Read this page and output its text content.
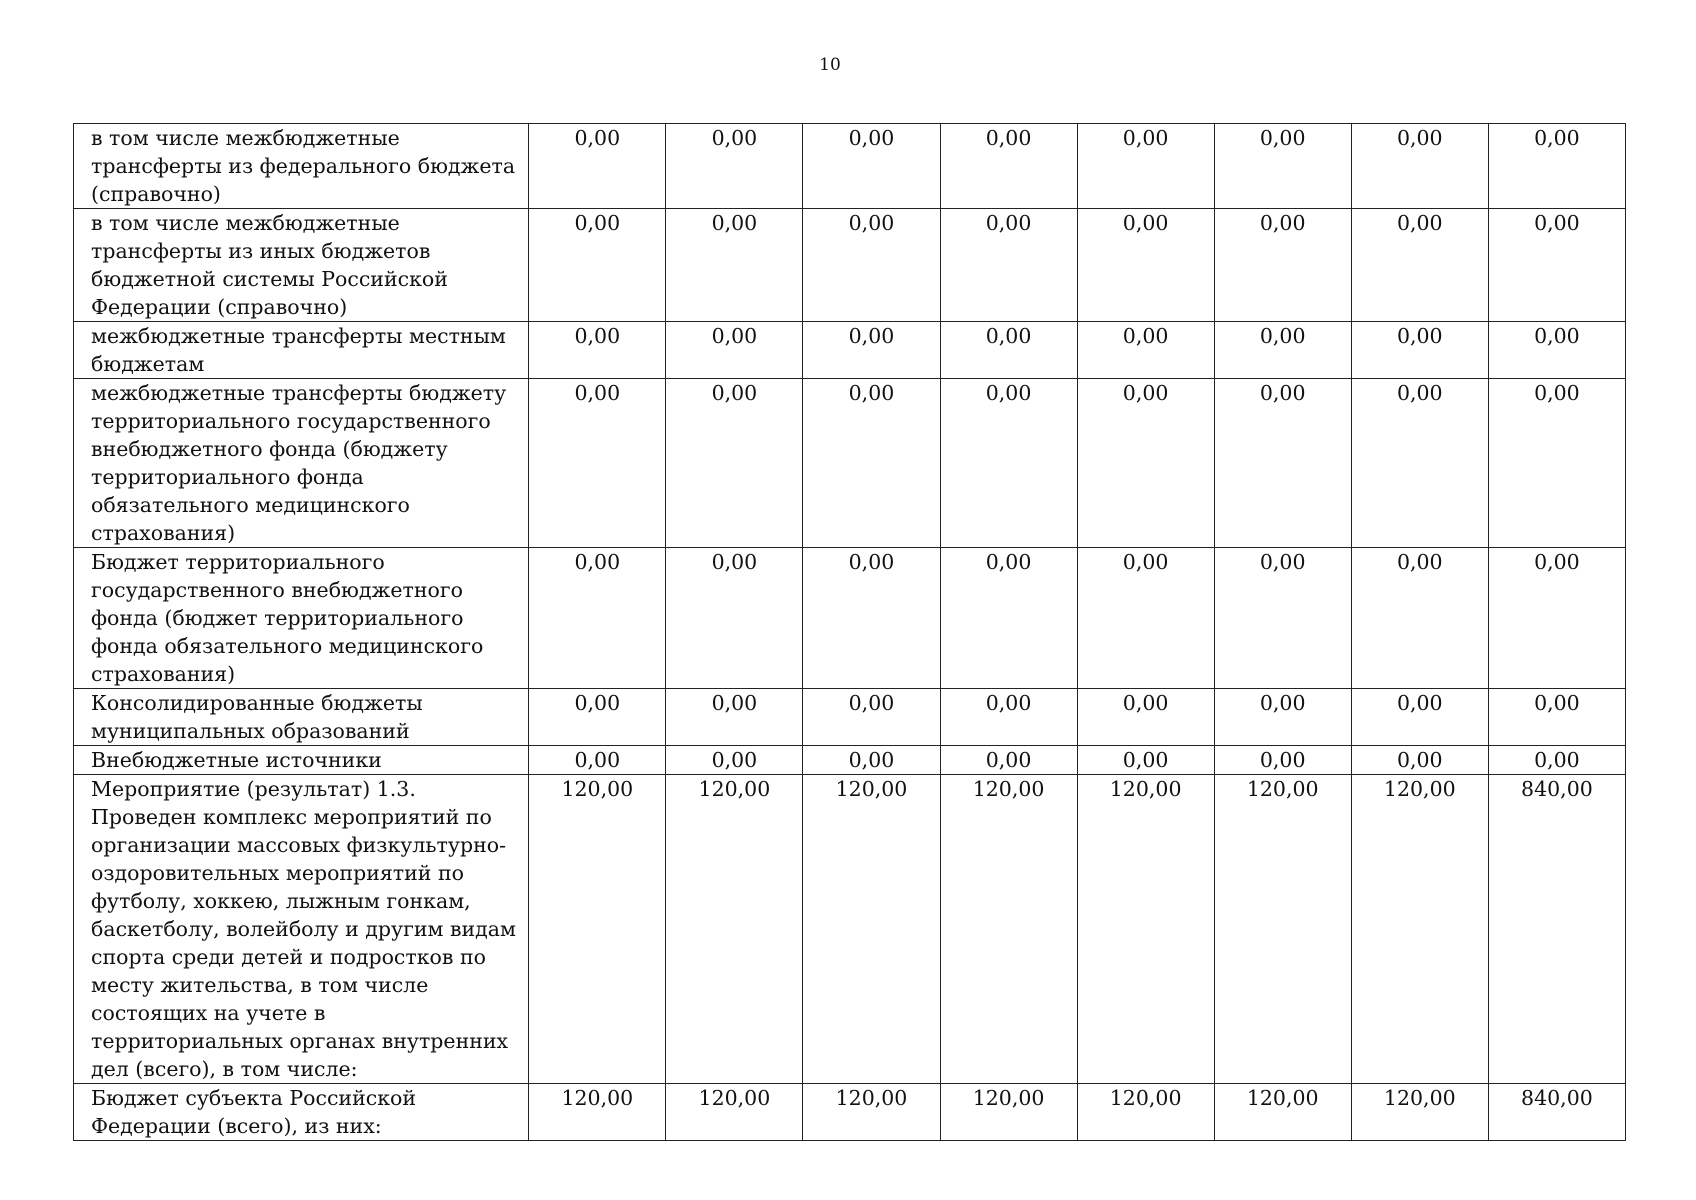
10
в том числе межбюджетные трансферты из федерального бюджета (справочно)	0,00	0,00	0,00	0,00	0,00	0,00	0,00	0,00
в том числе межбюджетные трансферты из иных бюджетов бюджетной системы Российской Федерации (справочно)	0,00	0,00	0,00	0,00	0,00	0,00	0,00	0,00
межбюджетные трансферты местным бюджетам	0,00	0,00	0,00	0,00	0,00	0,00	0,00	0,00
межбюджетные трансферты бюджету территориального государственного внебюджетного фонда (бюджету территориального фонда обязательного медицинского страхования)	0,00	0,00	0,00	0,00	0,00	0,00	0,00	0,00
Бюджет территориального государственного внебюджетного фонда (бюджет территориального фонда обязательного медицинского страхования)	0,00	0,00	0,00	0,00	0,00	0,00	0,00	0,00
Консолидированные бюджеты муниципальных образований	0,00	0,00	0,00	0,00	0,00	0,00	0,00	0,00
Внебюджетные источники	0,00	0,00	0,00	0,00	0,00	0,00	0,00	0,00
Мероприятие (результат) 1.3. Проведен комплекс мероприятий по организации массовых физкультурно-оздоровительных мероприятий по футболу, хоккею, лыжным гонкам, баскетболу, волейболу и другим видам спорта среди детей и подростков по месту жительства, в том числе состоящих на учете в территориальных органах внутренних дел (всего), в том числе:	120,00	120,00	120,00	120,00	120,00	120,00	120,00	840,00
Бюджет субъекта Российской Федерации (всего), из них:	120,00	120,00	120,00	120,00	120,00	120,00	120,00	840,00
